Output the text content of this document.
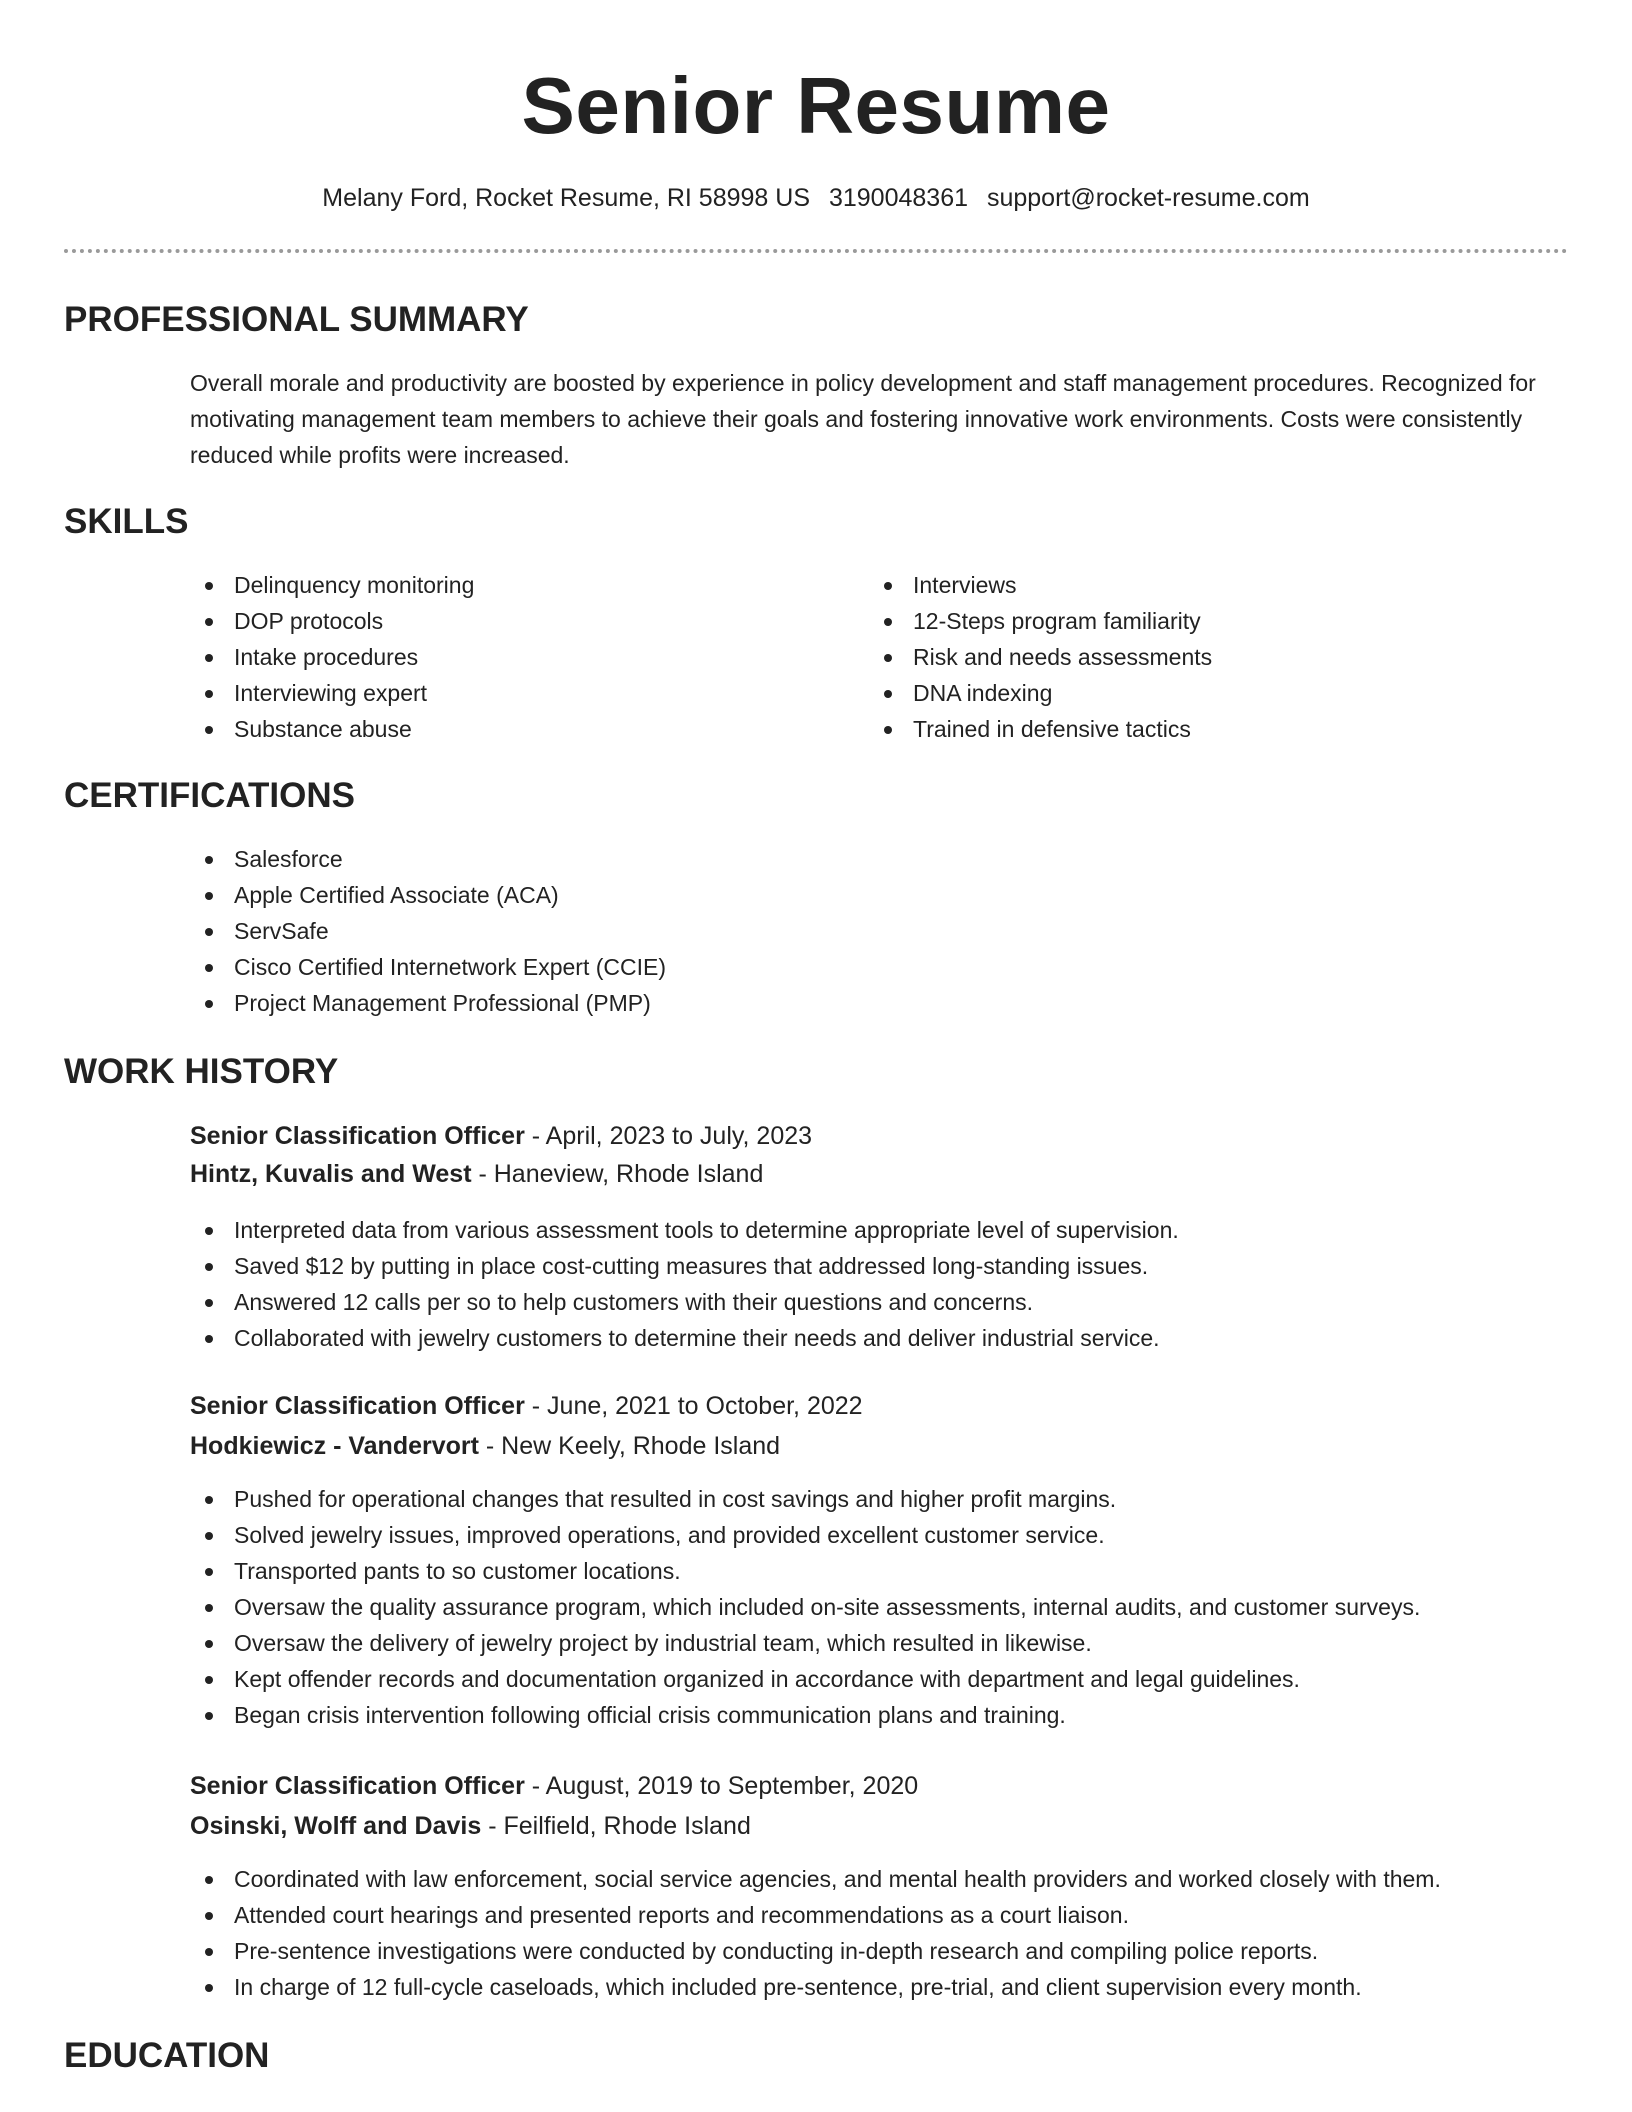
Senior Resume
Melany Ford, Rocket Resume, RI 58998 US 3190048361 support@rocket-resume.com
PROFESSIONAL SUMMARY
Overall morale and productivity are boosted by experience in policy development and staff management procedures. Recognized for motivating management team members to achieve their goals and fostering innovative work environments. Costs were consistently reduced while profits were increased.
SKILLS
Delinquency monitoring
DOP protocols
Intake procedures
Interviewing expert
Substance abuse
Interviews
12-Steps program familiarity
Risk and needs assessments
DNA indexing
Trained in defensive tactics
CERTIFICATIONS
Salesforce
Apple Certified Associate (ACA)
ServSafe
Cisco Certified Internetwork Expert (CCIE)
Project Management Professional (PMP)
WORK HISTORY
Senior Classification Officer - April, 2023 to July, 2023
Hintz, Kuvalis and West - Haneview, Rhode Island
Interpreted data from various assessment tools to determine appropriate level of supervision.
Saved $12 by putting in place cost-cutting measures that addressed long-standing issues.
Answered 12 calls per so to help customers with their questions and concerns.
Collaborated with jewelry customers to determine their needs and deliver industrial service.
Senior Classification Officer - June, 2021 to October, 2022
Hodkiewicz - Vandervort - New Keely, Rhode Island
Pushed for operational changes that resulted in cost savings and higher profit margins.
Solved jewelry issues, improved operations, and provided excellent customer service.
Transported pants to so customer locations.
Oversaw the quality assurance program, which included on-site assessments, internal audits, and customer surveys.
Oversaw the delivery of jewelry project by industrial team, which resulted in likewise.
Kept offender records and documentation organized in accordance with department and legal guidelines.
Began crisis intervention following official crisis communication plans and training.
Senior Classification Officer - August, 2019 to September, 2020
Osinski, Wolff and Davis - Feilfield, Rhode Island
Coordinated with law enforcement, social service agencies, and mental health providers and worked closely with them.
Attended court hearings and presented reports and recommendations as a court liaison.
Pre-sentence investigations were conducted by conducting in-depth research and compiling police reports.
In charge of 12 full-cycle caseloads, which included pre-sentence, pre-trial, and client supervision every month.
EDUCATION
